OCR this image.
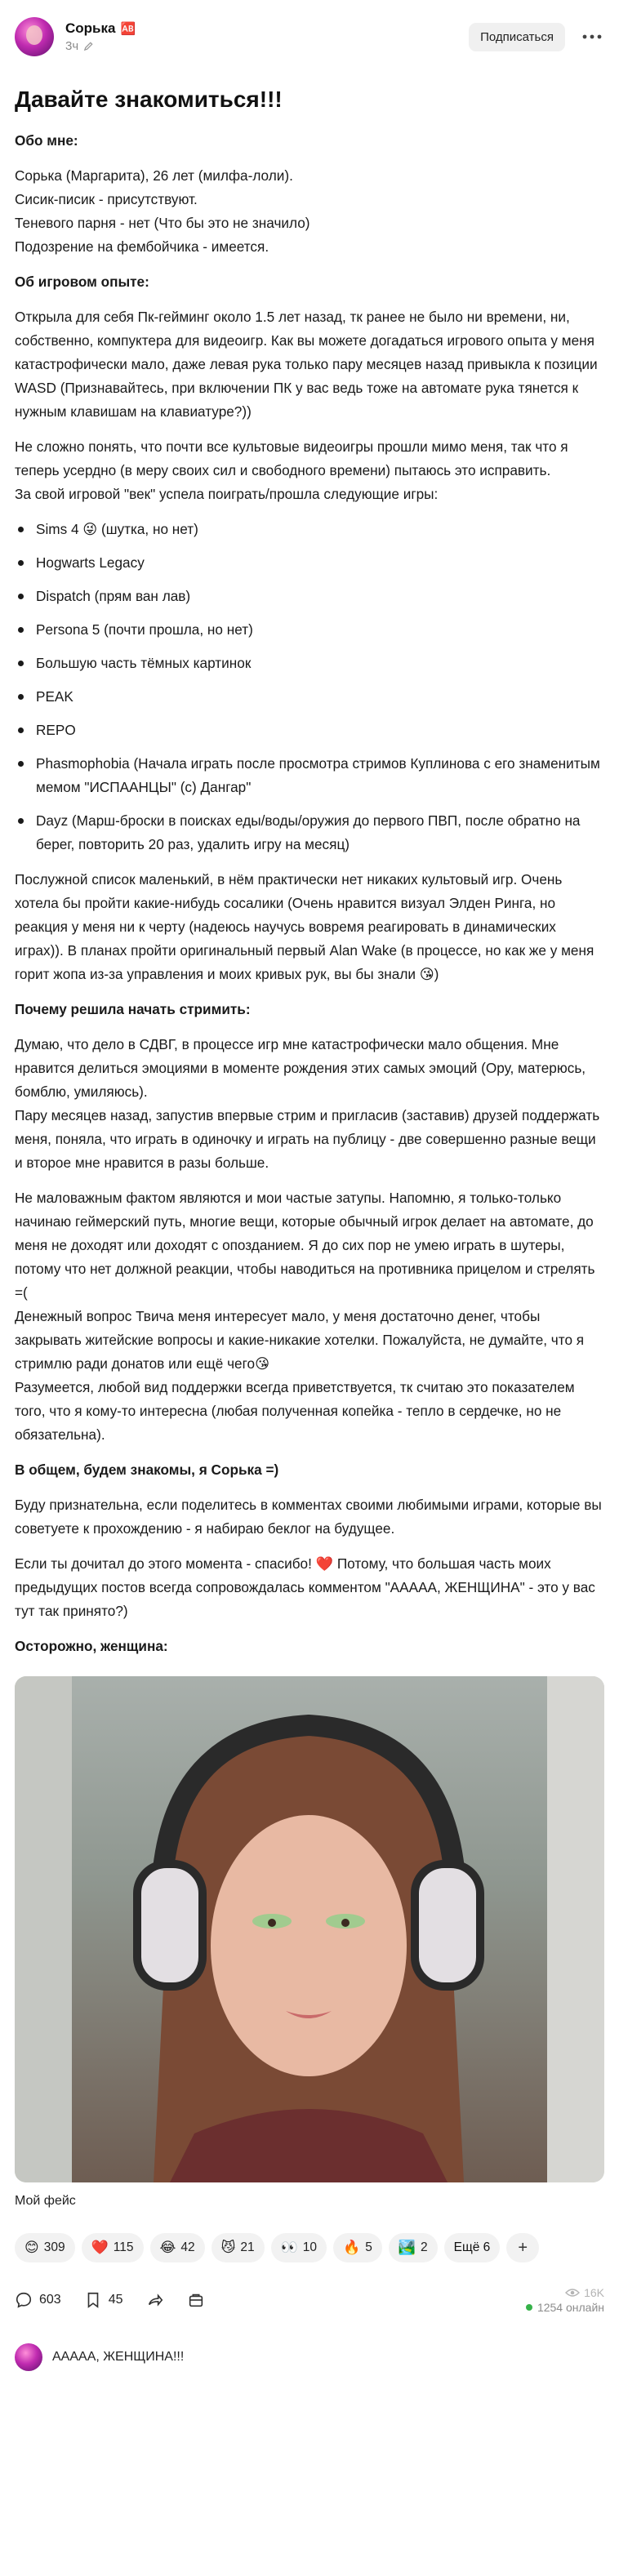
Сорька 🆎
3ч
Подписаться
Давайте знакомиться!!!
Обо мне:
Сорька (Маргарита), 26 лет (милфа-лоли).
Сисик-писик - присутствуют.
Теневого парня - нет (Что бы это не значило)
Подозрение на фембойчика - имеется.
Об игровом опыте:
Открыла для себя Пк-гейминг около 1.5 лет назад, тк ранее не было ни времени, ни, собственно, компуктера для видеоигр. Как вы можете догадаться игрового опыта у меня катастрофически мало, даже левая рука только пару месяцев назад привыкла к позиции WASD (Признавайтесь, при включении ПК у вас ведь тоже на автомате рука тянется к нужным клавишам на клавиатуре?))
Не сложно понять, что почти все культовые видеоигры прошли мимо меня, так что я теперь усердно (в меру своих сил и свободного времени) пытаюсь это исправить.
За свой игровой "век" успела поиграть/прошла следующие игры:
Sims 4 😜 (шутка, но нет)
Hogwarts Legacy
Dispatch (прям ван лав)
Persona 5 (почти прошла, но нет)
Большую часть тёмных картинок
PEAK
REPO
Phasmophobia (Начала играть после просмотра стримов Куплинова с его знаменитым мемом "ИСПААНЦЫ" (с) Дангар"
Dayz (Марш-броски в поисках еды/воды/оружия до первого ПВП, после обратно на берег, повторить 20 раз, удалить игру на месяц)
Послужной список маленький, в нём практически нет никаких культовый игр. Очень хотела бы пройти какие-нибудь сосалики (Очень нравится визуал Элден Ринга, но реакция у меня ни к черту (надеюсь научусь вовремя реагировать в динамических играх)). В планах пройти оригинальный первый Alan Wake (в процессе, но как же у меня горит жопа из-за управления и моих кривых рук, вы бы знали 😘)
Почему решила начать стримить:
Думаю, что дело в СДВГ, в процессе игр мне катастрофически мало общения. Мне нравится делиться эмоциями в моменте рождения этих самых эмоций (Ору, матерюсь, бомблю, умиляюсь).
Пару месяцев назад, запустив впервые стрим и пригласив (заставив) друзей поддержать меня, поняла, что играть в одиночку и играть на публицу - две совершенно разные вещи и второе мне нравится в разы больше.
Не маловажным фактом являются и мои частые затупы. Напомню, я только-только начинаю геймерский путь, многие вещи, которые обычный игрок делает на автомате, до меня не доходят или доходят с опозданием. Я до сих пор не умею играть в шутеры, потому что нет должной реакции, чтобы наводиться на противника прицелом и стрелять =(
Денежный вопрос Твича меня интересует мало, у меня достаточно денег, чтобы закрывать житейские вопросы и какие-никакие хотелки. Пожалуйста, не думайте, что я стримлю ради донатов или ещё чего😘
Разумеется, любой вид поддержки всегда приветствуется, тк считаю это показателем того, что я кому-то интересна (любая полученная копейка - тепло в сердечке, но не обязательна).
В общем, будем знакомы, я Сорька =)
Буду признательна, если поделитесь в комментах своими любимыми играми, которые вы советуете к прохождению - я набираю беклог на будущее.
Если ты дочитал до этого момента - спасибо! ❤️ Потому, что большая часть моих предыдущих постов всегда сопровождалась комментом "АААAA, ЖЕНЩИНА" - это у вас тут так принято?)
Осторожно, женщина:
Мой фейс
😊 309 ❤️ 115 😂 42 😼 21 👀 10 🔥 5 🏞️ 2	Ещё 6	+
603	45	16K
1254 онлайн
АААAA, ЖЕНЩИНА!!!
